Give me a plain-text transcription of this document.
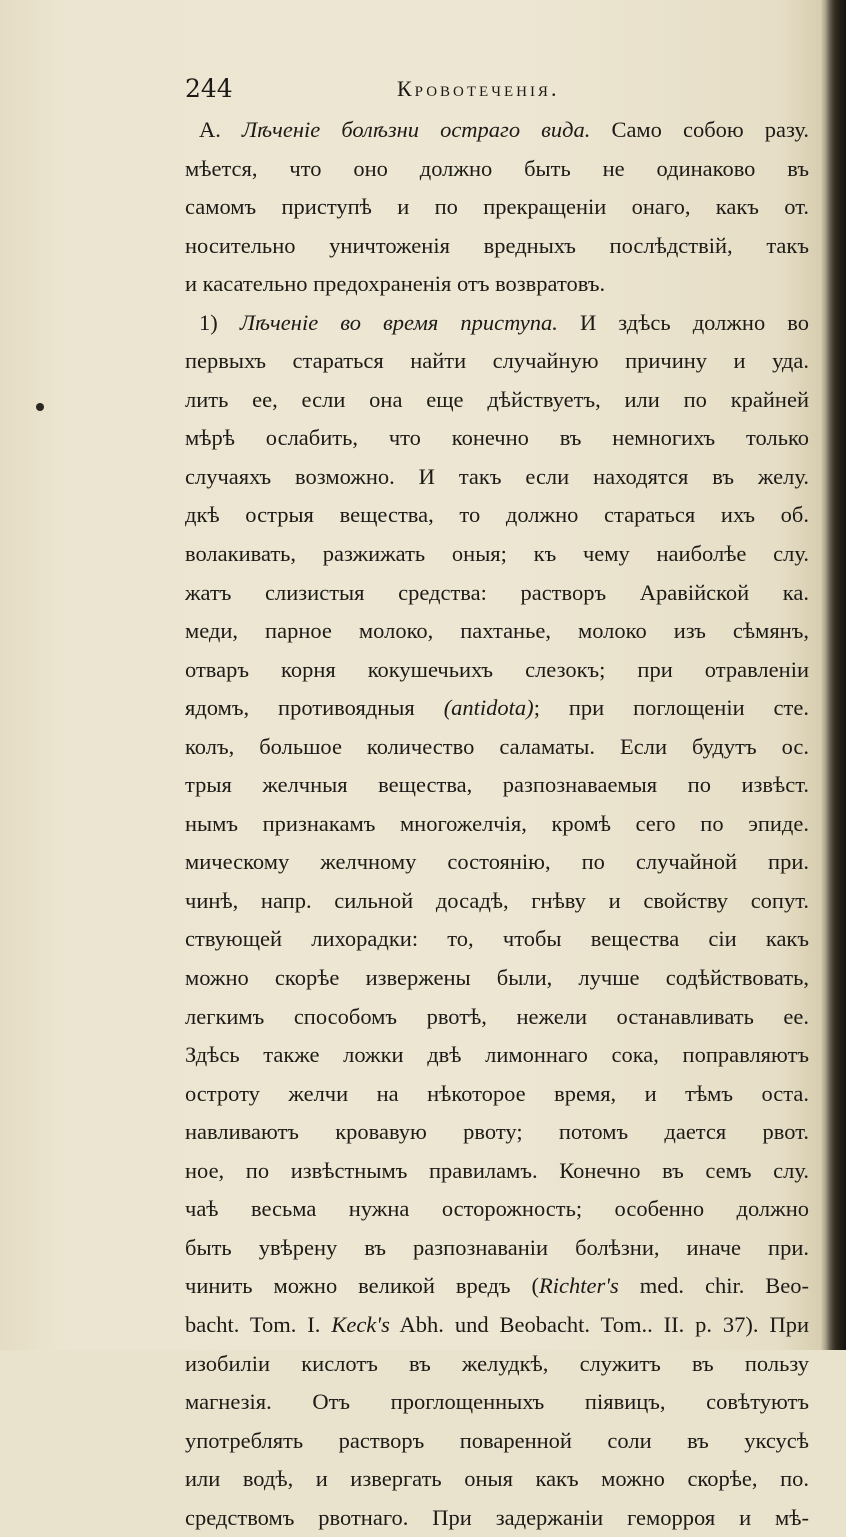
244	Кровотеченія.
А. Лѣченіе болѣзни остраго вида. Само собою разу.
мѣется, что оно должно быть не одинаково въ
самомъ приступѣ и по прекращеніи онаго, какъ от.
носительно уничтоженія вредныхъ послѣдствій, такъ
и касательно предохраненія отъ возвратовъ.
1) Лѣченіе во время приступа. И здѣсь должно во
первыхъ стараться найти случайную причину и уда.
лить ее, если она еще дѣйствуетъ, или по крайней
мѣрѣ ослабить, что конечно въ немногихъ только
случаяхъ возможно. И такъ если находятся въ желу.
дкѣ острыя вещества, то должно стараться ихъ об.
волакивать, разжижать оныя; къ чему наиболѣе слу.
жатъ слизистыя средства: растворъ Аравійской ка.
меди, парное молоко, пахтанье, молоко изъ сѣмянъ,
отваръ корня кокушечьихъ слезокъ; при отравленіи
ядомъ, противоядныя (antidota); при поглощеніи сте.
колъ, большое количество саламаты. Если будутъ ос.
трыя желчныя вещества, разпознаваемыя по извѣст.
нымъ признакамъ многожелчія, кромѣ сего по эпиде.
мическому желчному состоянію, по случайной при.
чинѣ, напр. сильной досадѣ, гнѣву и свойству сопут.
ствующей лихорадки: то, чтобы вещества сіи какъ
можно скорѣе извержены были, лучше содѣйствовать,
легкимъ способомъ рвотѣ, нежели останавливать ее.
Здѣсь также ложки двѣ лимоннаго сока, поправляютъ
остроту желчи на нѣкоторое время, и тѣмъ оста.
навливаютъ кровавую рвоту; потомъ дается рвот.
ное, по извѣстнымъ правиламъ. Конечно въ семъ слу.
чаѣ весьма нужна осторожность; особенно должно
быть увѣрену въ разпознаваніи болѣзни, иначе при.
чинить можно великой вредъ (Richter's med. chir. Beo-
bacht. Tom. I. Keck's Abh. und Beobacht. Tom.. II. p. 37). При
изобиліи кислотъ въ желудкѣ, служитъ въ пользу
магнезія. Отъ проглощенныхъ піявицъ, совѣтуютъ
употреблять растворъ поваренной соли въ уксусѣ
или водѣ, и извергать оныя какъ можно скорѣе, по.
средствомъ рвотнаго. При задержаніи геморроя и мѣ-
